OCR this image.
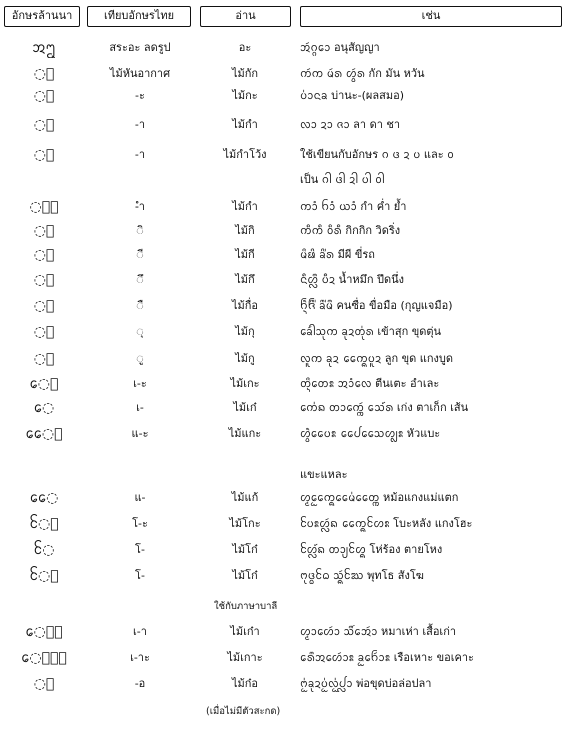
อักษรล้านนา	เทียบอักษรไทย	อ่าน	เช่น
ᩋᩂ	สระอะ ลดรูป	อะ	ᩋᩢᨣ᩠ᨣᩮᩣ อนุสัญญา
◌ᩢ	ไม้หันอากาศ	ไม้กัก	ᨠᩢᨠ ᨾᩢᩁ ᩉ᩠ᩅᩢᩁ กัก มัน หวัน
◌ᩡ	-ะ	ไม้กะ	ᨷ᩵ᩣᨶᨡ บ่านะ-(ผลสมอ)
◌ᩣ	-า	ไม้กำ	ᩃᩣ ᨯᩣ ᨩᩣ ลา ดา ชา
◌ᩤ	-า	ไม้กำโว้ง	ใช้เขียนกับอักษร ᨣ ᨴ ᨯ ᨷ และ ᩅ
เป็น ᨣᩤ ᨴᩤ ᨯᩤ ᨷᩤ ᩅᩤ
◌ᩴᩣ	-ำ	ไม้กำ	ᨠᩣᩴ ᨤᩣᩴ ᨿᩣᩴ กำ ค่ำ ย้ำ
◌ᩥ	◌ิ	ไม้กิ	ᨠᩥᨠᩥ ᩅᩥᩁᩥ กิกกิก วิดริ่ง
◌ᩦ	◌ี	ไม้กี	ᨾᩦᨹᩦ ᨡᩦ᩵ᩁ มีผี ขี่รถ
◌ᩧ	◌ึ	ไม้กึ	ᨶᩧᩉᩖᩨ ᨷᩧᨯ น้ำหมึก ปึดนึ่ง
◌ᩨ	◌ื	ไม้กื่อ	ᨤᩫ᩠ᨶᨪᩨ᩵ ᨡᩨ᩵ᨾᩨ คนซื่อ ขื่อมือ (กุญแจมือ)
◌ᩩ	◌ุ	ไม้กุ	ᨡᩮᩢᩤᩈᩩᨠ ᨡᩩᨯᨲᩩ᩵ᩁ เข้าสุก ขุดตุ่น
◌ᩪ	◌ู	ไม้กู	ᩃᩪᨠ ᨡᩩᨯ ᩯᨠ᩠ᨦᨷᩪᨯ ลูก ขุด แกงบูด
ᩮ◌ᩡ	เ-ะ	ไม้เกะ	ᨲᩦ᩠ᨶᨲᩮᩡ ᩋᩣᩴᩃᩮ ตีนเตะ อำเละ
ᩮ◌	เ-	ไม้เก๋	ᨠᩮ᩵ᨦ ᨲᩣᨠᩮᩢ᩠ᨠ ᩈᩮ᩶ᩁ เก่ง ตาเก็ก เส้น
ᩯ◌ᩡ	แ-ะ	ไม้แกะ	ᩉ᩠ᩅᩫᩯᨷᩡ ᩯᨸᩈᩯᩉ᩠ᩃᩡ หัวแบะ
แขะแหละ
ᩯ◌	แ-	ไม้แก้	ᩉ᩠ᨾᩬᩯᨠ᩠ᨦᩯᨾ᩵ᩯᨲ᩠ᨠ หม้อแกงแม่แตก
ᩰ◌ᩡ	โ-ะ	ไม้โกะ	ᨷᩰᩡᩉᩖᩢᨦ ᩯᨠ᩠ᨦᩰᩉᩡ โบะหลัง แกงโฮะ
ᩰ◌	โ-	ไม้โก๋	ᩉᩰᩖ᩶ᨦ ᨲᩣ᩠ᨿᩰᩉ᩠ᨦ โห่ร้อง ตายโหง
ᩰ◌ᩣ	โ-	ไม้โก๋	ᨻᩩᨴ᩠ᨵᩰᨵ ᩈᩢ᩠ᨦᩰᨥ พุทโธ สังโฆ
ᩮ◌ᩢᩣ	เ-า	ไม้เก๋า	ᩉ᩠ᨾᩣᩉᩮᩢᩣ ᩈᩨ᩶ᩋᩮᩢᩣ หมาเห่า เสื้อเก่า
ᩮ◌ᩢᩣᩡ	เ-าะ	ไม้เกาะ	ᩁᩮᩨᩋᩉᩮᩢᩣᩡ ᨡᩬᨤᩮᩢᩣᩡ เรือเหาะ ขอเคาะ
◌ᩬ	-อ	ไม้ก๋อ	ᨻᩬ᩵ᨡᩩᨯᨷᩬ᩵ᩃᩬ᩵ᨸᩖᩣ พ่อขุดบ่อล่อปลา
ใช้กับภาษาบาลี
(เมื่อไม่มีตัวสะกด)
